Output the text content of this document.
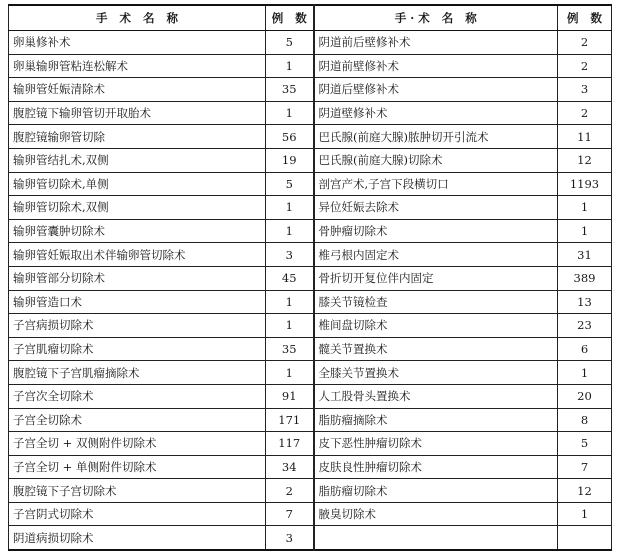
手 术 名 称	例 数	手·术 名 称	例 数
卵巢修补术	5	阴道前后壁修补术	2
卵巢输卵管粘连松解术	1	阴道前壁修补术	2
输卵管妊娠清除术	35	阴道后壁修补术	3
腹腔镜下输卵管切开取胎术	1	阴道壁修补术	2
腹腔镜输卵管切除	56	巴氏腺(前庭大腺)脓肿切开引流术	11
输卵管结扎术,双侧	19	巴氏腺(前庭大腺)切除术	12
输卵管切除术,单侧	5	剖宫产术,子宫下段横切口	1193
输卵管切除术,双侧	1	异位妊娠去除术	1
输卵管囊肿切除术	1	骨肿瘤切除术	1
输卵管妊娠取出术伴输卵管切除术	3	椎弓根内固定术	31
输卵管部分切除术	45	骨折切开复位伴内固定	389
输卵管造口术	1	膝关节镜检查	13
子宫病损切除术	1	椎间盘切除术	23
子宫肌瘤切除术	35	髋关节置换术	6
腹腔镜下子宫肌瘤摘除术	1	全膝关节置换术	1
子宫次全切除术	91	人工股骨头置换术	20
子宫全切除术	171	脂肪瘤摘除术	8
子宫全切 + 双侧附件切除术	117	皮下恶性肿瘤切除术	5
子宫全切 + 单侧附件切除术	34	皮肤良性肿瘤切除术	7
腹腔镜下子宫切除术	2	脂肪瘤切除术	12
子宫阴式切除术	7	腋臭切除术	1
阴道病损切除术	3		
